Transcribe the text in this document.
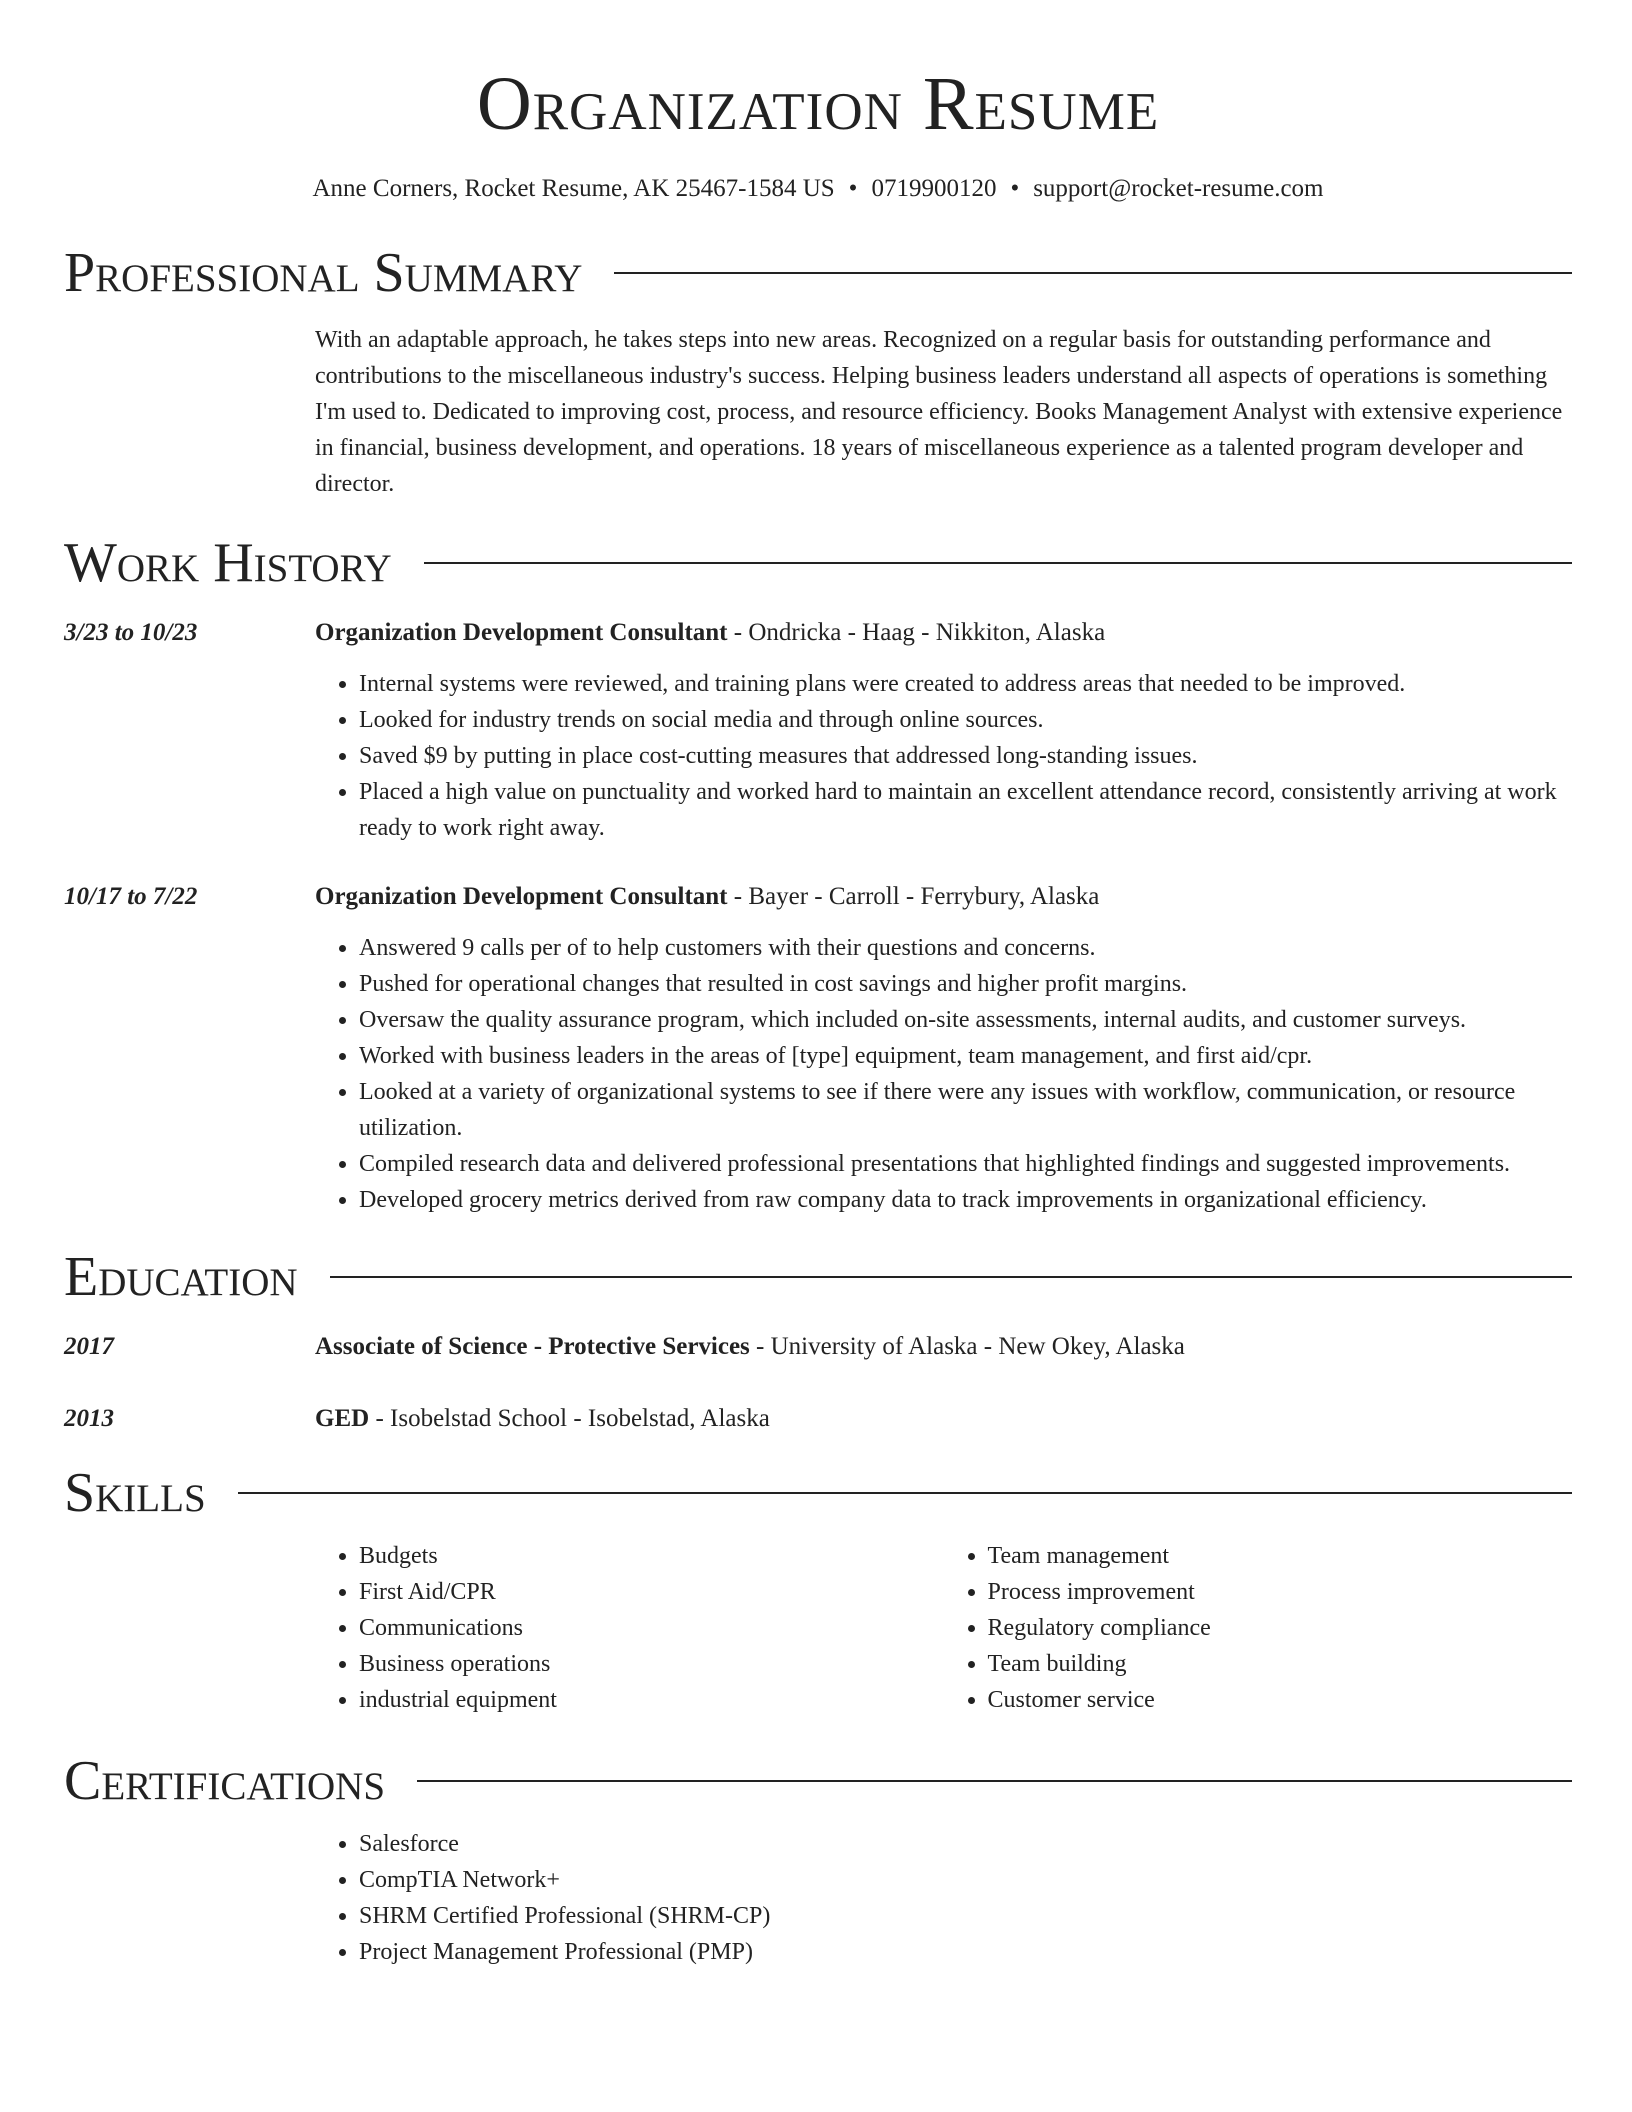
Organization Resume
Anne Corners, Rocket Resume, AK 25467-1584 US • 0719900120 • support@rocket-resume.com
Professional Summary
With an adaptable approach, he takes steps into new areas. Recognized on a regular basis for outstanding performance and contributions to the miscellaneous industry's success. Helping business leaders understand all aspects of operations is something I'm used to. Dedicated to improving cost, process, and resource efficiency. Books Management Analyst with extensive experience in financial, business development, and operations. 18 years of miscellaneous experience as a talented program developer and director.
Work History
3/23 to 10/23	Organization Development Consultant - Ondricka - Haag - Nikkiton, Alaska
• Internal systems were reviewed, and training plans were created to address areas that needed to be improved.
• Looked for industry trends on social media and through online sources.
• Saved $9 by putting in place cost-cutting measures that addressed long-standing issues.
• Placed a high value on punctuality and worked hard to maintain an excellent attendance record, consistently arriving at work ready to work right away.
10/17 to 7/22	Organization Development Consultant - Bayer - Carroll - Ferrybury, Alaska
• Answered 9 calls per of to help customers with their questions and concerns.
• Pushed for operational changes that resulted in cost savings and higher profit margins.
• Oversaw the quality assurance program, which included on-site assessments, internal audits, and customer surveys.
• Worked with business leaders in the areas of [type] equipment, team management, and first aid/cpr.
• Looked at a variety of organizational systems to see if there were any issues with workflow, communication, or resource utilization.
• Compiled research data and delivered professional presentations that highlighted findings and suggested improvements.
• Developed grocery metrics derived from raw company data to track improvements in organizational efficiency.
Education
2017	Associate of Science - Protective Services - University of Alaska - New Okey, Alaska
2013	GED - Isobelstad School - Isobelstad, Alaska
Skills
• Budgets
• First Aid/CPR
• Communications
• Business operations
• industrial equipment
• Team management
• Process improvement
• Regulatory compliance
• Team building
• Customer service
Certifications
• Salesforce
• CompTIA Network+
• SHRM Certified Professional (SHRM-CP)
• Project Management Professional (PMP)
